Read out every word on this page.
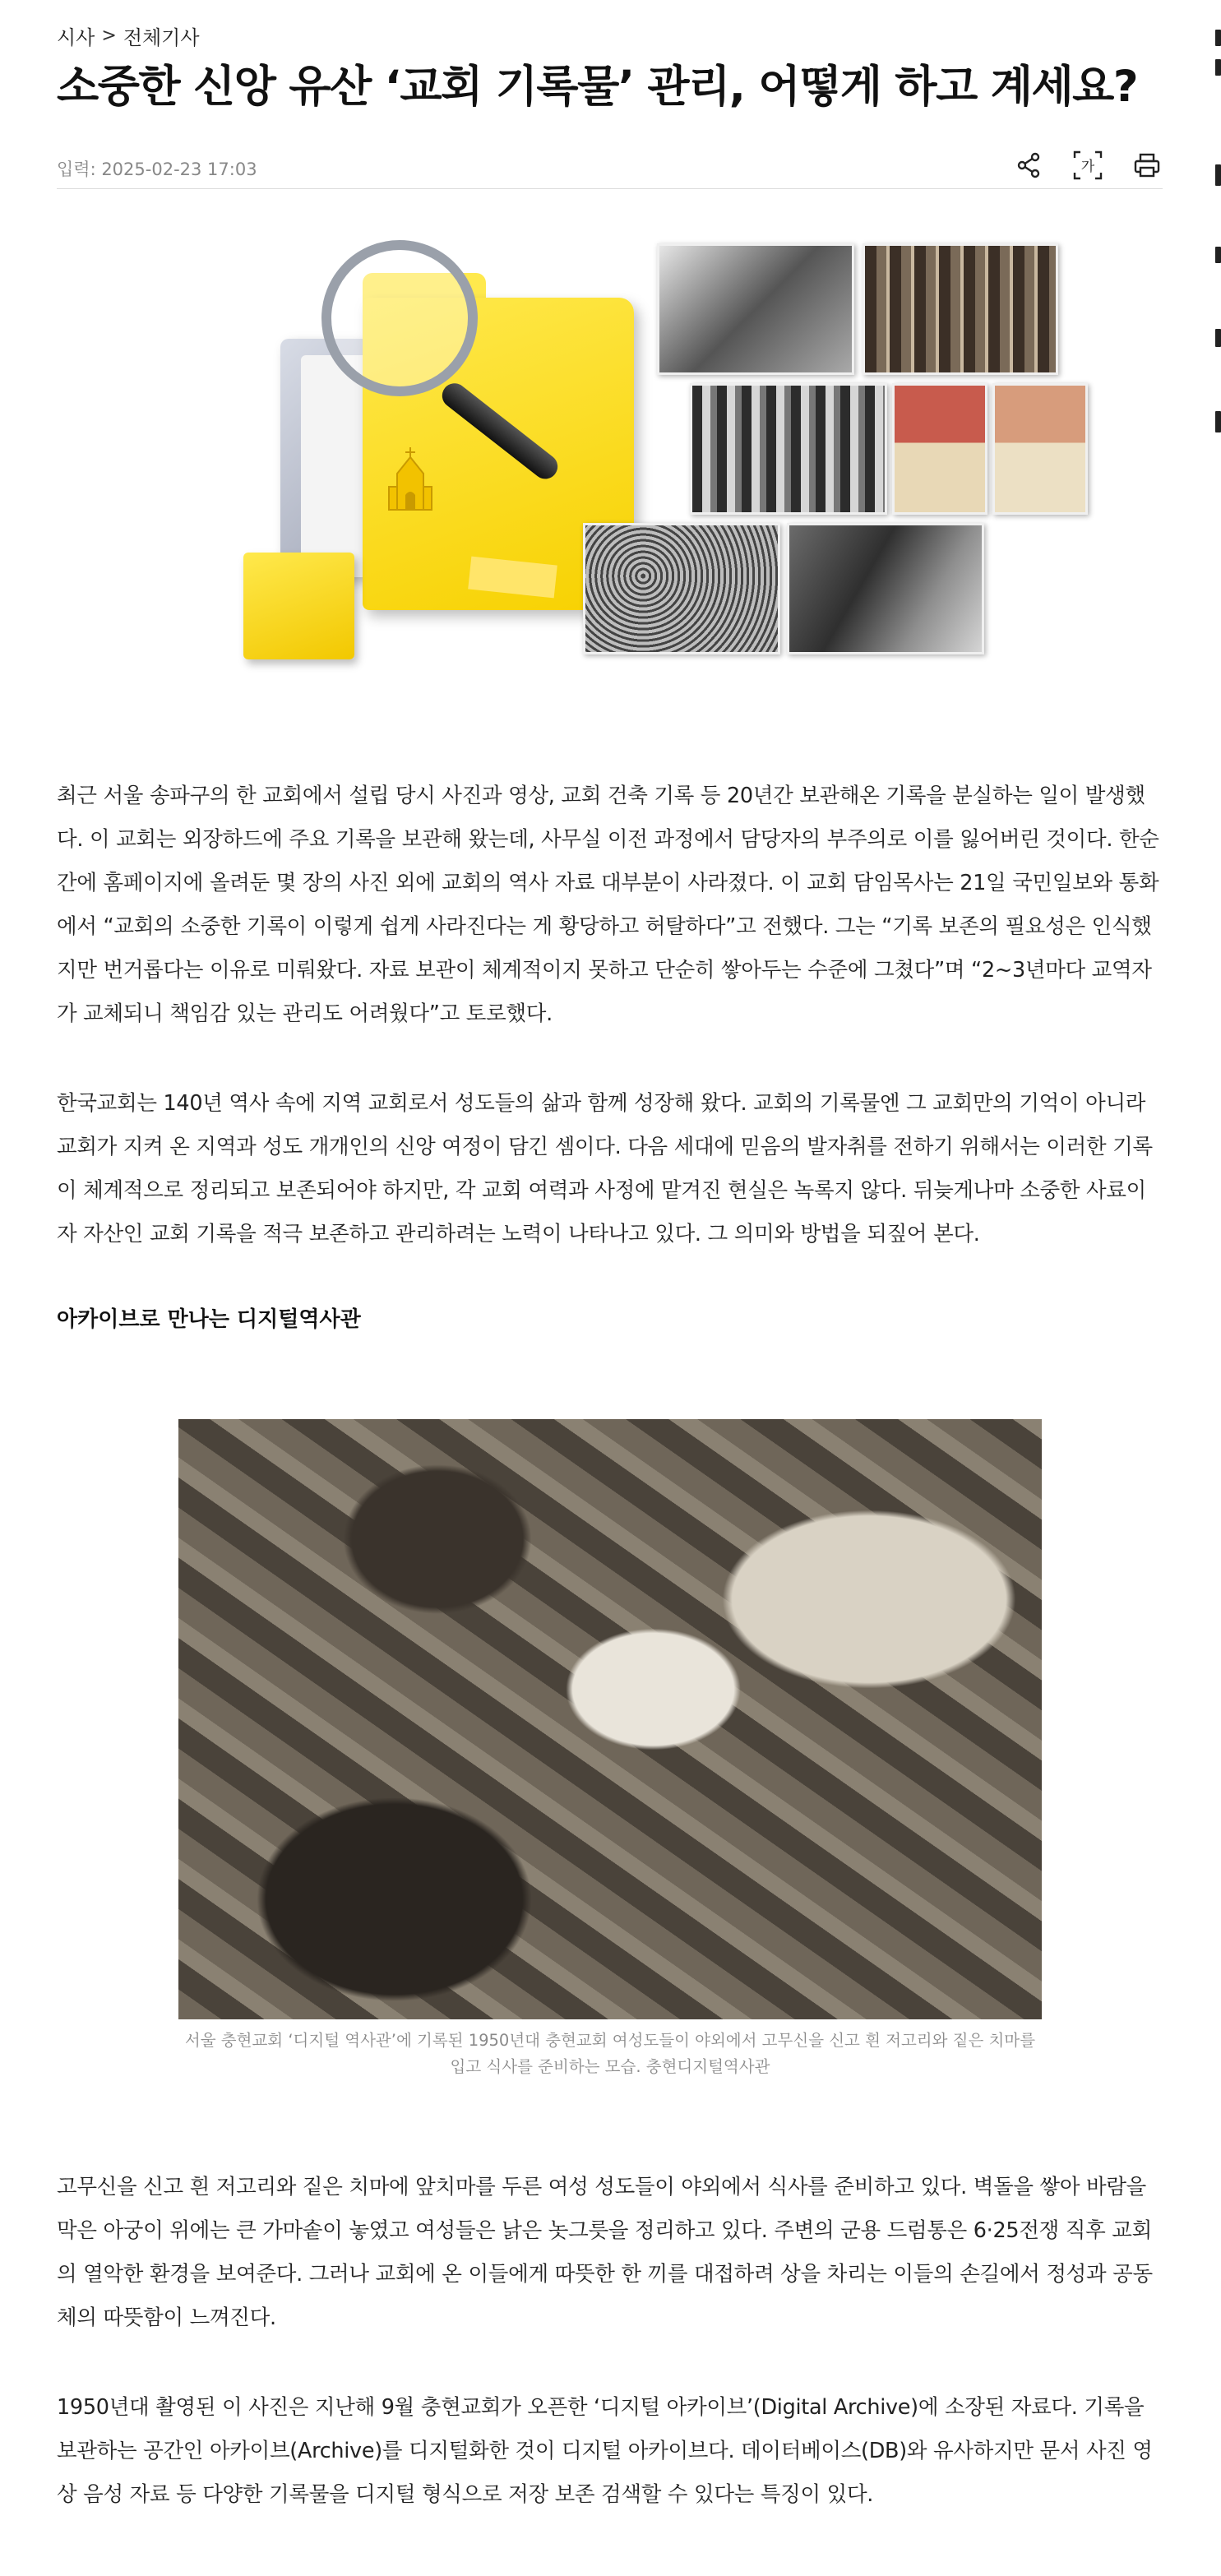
시사 > 전체기사
소중한 신앙 유산 ‘교회 기록물’ 관리, 어떻게 하고 계세요?
입력: 2025-02-23 17:03	가

최근 서울 송파구의 한 교회에서 설립 당시 사진과 영상, 교회 건축 기록 등 20년간 보관해온 기록을 분실하는 일이 발생했다. 이 교회는 외장하드에 주요 기록을 보관해 왔는데, 사무실 이전 과정에서 담당자의 부주의로 이를 잃어버린 것이다. 한순간에 홈페이지에 올려둔 몇 장의 사진 외에 교회의 역사 자료 대부분이 사라졌다. 이 교회 담임목사는 21일 국민일보와 통화에서 “교회의 소중한 기록이 이렇게 쉽게 사라진다는 게 황당하고 허탈하다”고 전했다. 그는 “기록 보존의 필요성은 인식했지만 번거롭다는 이유로 미뤄왔다. 자료 보관이 체계적이지 못하고 단순히 쌓아두는 수준에 그쳤다”며 “2~3년마다 교역자가 교체되니 책임감 있는 관리도 어려웠다”고 토로했다.

한국교회는 140년 역사 속에 지역 교회로서 성도들의 삶과 함께 성장해 왔다. 교회의 기록물엔 그 교회만의 기억이 아니라 교회가 지켜 온 지역과 성도 개개인의 신앙 여정이 담긴 셈이다. 다음 세대에 믿음의 발자취를 전하기 위해서는 이러한 기록이 체계적으로 정리되고 보존되어야 하지만, 각 교회 여력과 사정에 맡겨진 현실은 녹록지 않다. 뒤늦게나마 소중한 사료이자 자산인 교회 기록을 적극 보존하고 관리하려는 노력이 나타나고 있다. 그 의미와 방법을 되짚어 본다.

아카이브로 만나는 디지털역사관

서울 충현교회 ‘디지털 역사관’에 기록된 1950년대 충현교회 여성도들이 야외에서 고무신을 신고 흰 저고리와 짙은 치마를 입고 식사를 준비하는 모습. 충현디지털역사관

고무신을 신고 흰 저고리와 짙은 치마에 앞치마를 두른 여성 성도들이 야외에서 식사를 준비하고 있다. 벽돌을 쌓아 바람을 막은 아궁이 위에는 큰 가마솥이 놓였고 여성들은 낡은 놋그릇을 정리하고 있다. 주변의 군용 드럼통은 6·25전쟁 직후 교회의 열악한 환경을 보여준다. 그러나 교회에 온 이들에게 따뜻한 한 끼를 대접하려 상을 차리는 이들의 손길에서 정성과 공동체의 따뜻함이 느껴진다.

1950년대 촬영된 이 사진은 지난해 9월 충현교회가 오픈한 ‘디지털 아카이브’(Digital Archive)에 소장된 자료다. 기록을 보관하는 공간인 아카이브(Archive)를 디지털화한 것이 디지털 아카이브다. 데이터베이스(DB)와 유사하지만 문서 사진 영상 음성 자료 등 다양한 기록물을 디지털 형식으로 저장 보존 검색할 수 있다는 특징이 있다.
